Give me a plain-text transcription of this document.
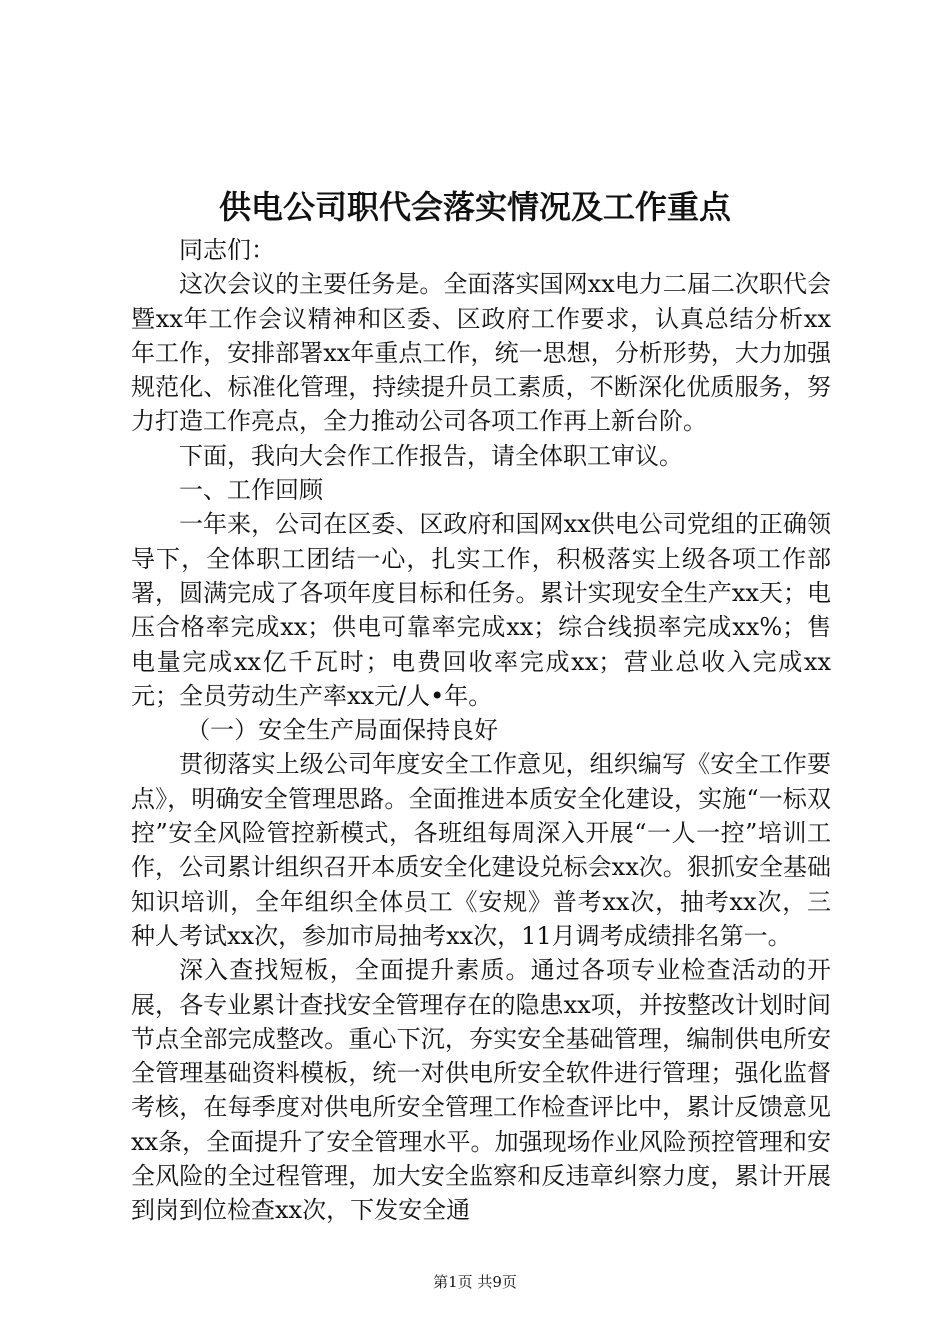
供电公司职代会落实情况及工作重点

同志们：

这次会议的主要任务是。全面落实国网xx电力二届二次职代会暨xx年工作会议精神和区委、区政府工作要求，认真总结分析xx年工作，安排部署xx年重点工作，统一思想，分析形势，大力加强规范化、标准化管理，持续提升员工素质，不断深化优质服务，努力打造工作亮点，全力推动公司各项工作再上新台阶。

下面，我向大会作工作报告，请全体职工审议。

一、工作回顾

一年来，公司在区委、区政府和国网xx供电公司党组的正确领导下，全体职工团结一心，扎实工作，积极落实上级各项工作部署，圆满完成了各项年度目标和任务。累计实现安全生产xx天；电压合格率完成xx；供电可靠率完成xx；综合线损率完成xx%；售电量完成xx亿千瓦时；电费回收率完成xx；营业总收入完成xx元；全员劳动生产率xx元/人•年。

（一）安全生产局面保持良好

贯彻落实上级公司年度安全工作意见，组织编写《安全工作要点》，明确安全管理思路。全面推进本质安全化建设，实施“一标双控”安全风险管控新模式，各班组每周深入开展“一人一控”培训工作，公司累计组织召开本质安全化建设兑标会xx次。狠抓安全基础知识培训，全年组织全体员工《安规》普考xx次，抽考xx次，三种人考试xx次，参加市局抽考xx次，11月调考成绩排名第一。

深入查找短板，全面提升素质。通过各项专业检查活动的开展，各专业累计查找安全管理存在的隐患xx项，并按整改计划时间节点全部完成整改。重心下沉，夯实安全基础管理，编制供电所安全管理基础资料模板，统一对供电所安全软件进行管理；强化监督考核，在每季度对供电所安全管理工作检查评比中，累计反馈意见xx条，全面提升了安全管理水平。加强现场作业风险预控管理和安全风险的全过程管理，加大安全监察和反违章纠察力度，累计开展到岗到位检查xx次，下发安全通

第1页 共9页
